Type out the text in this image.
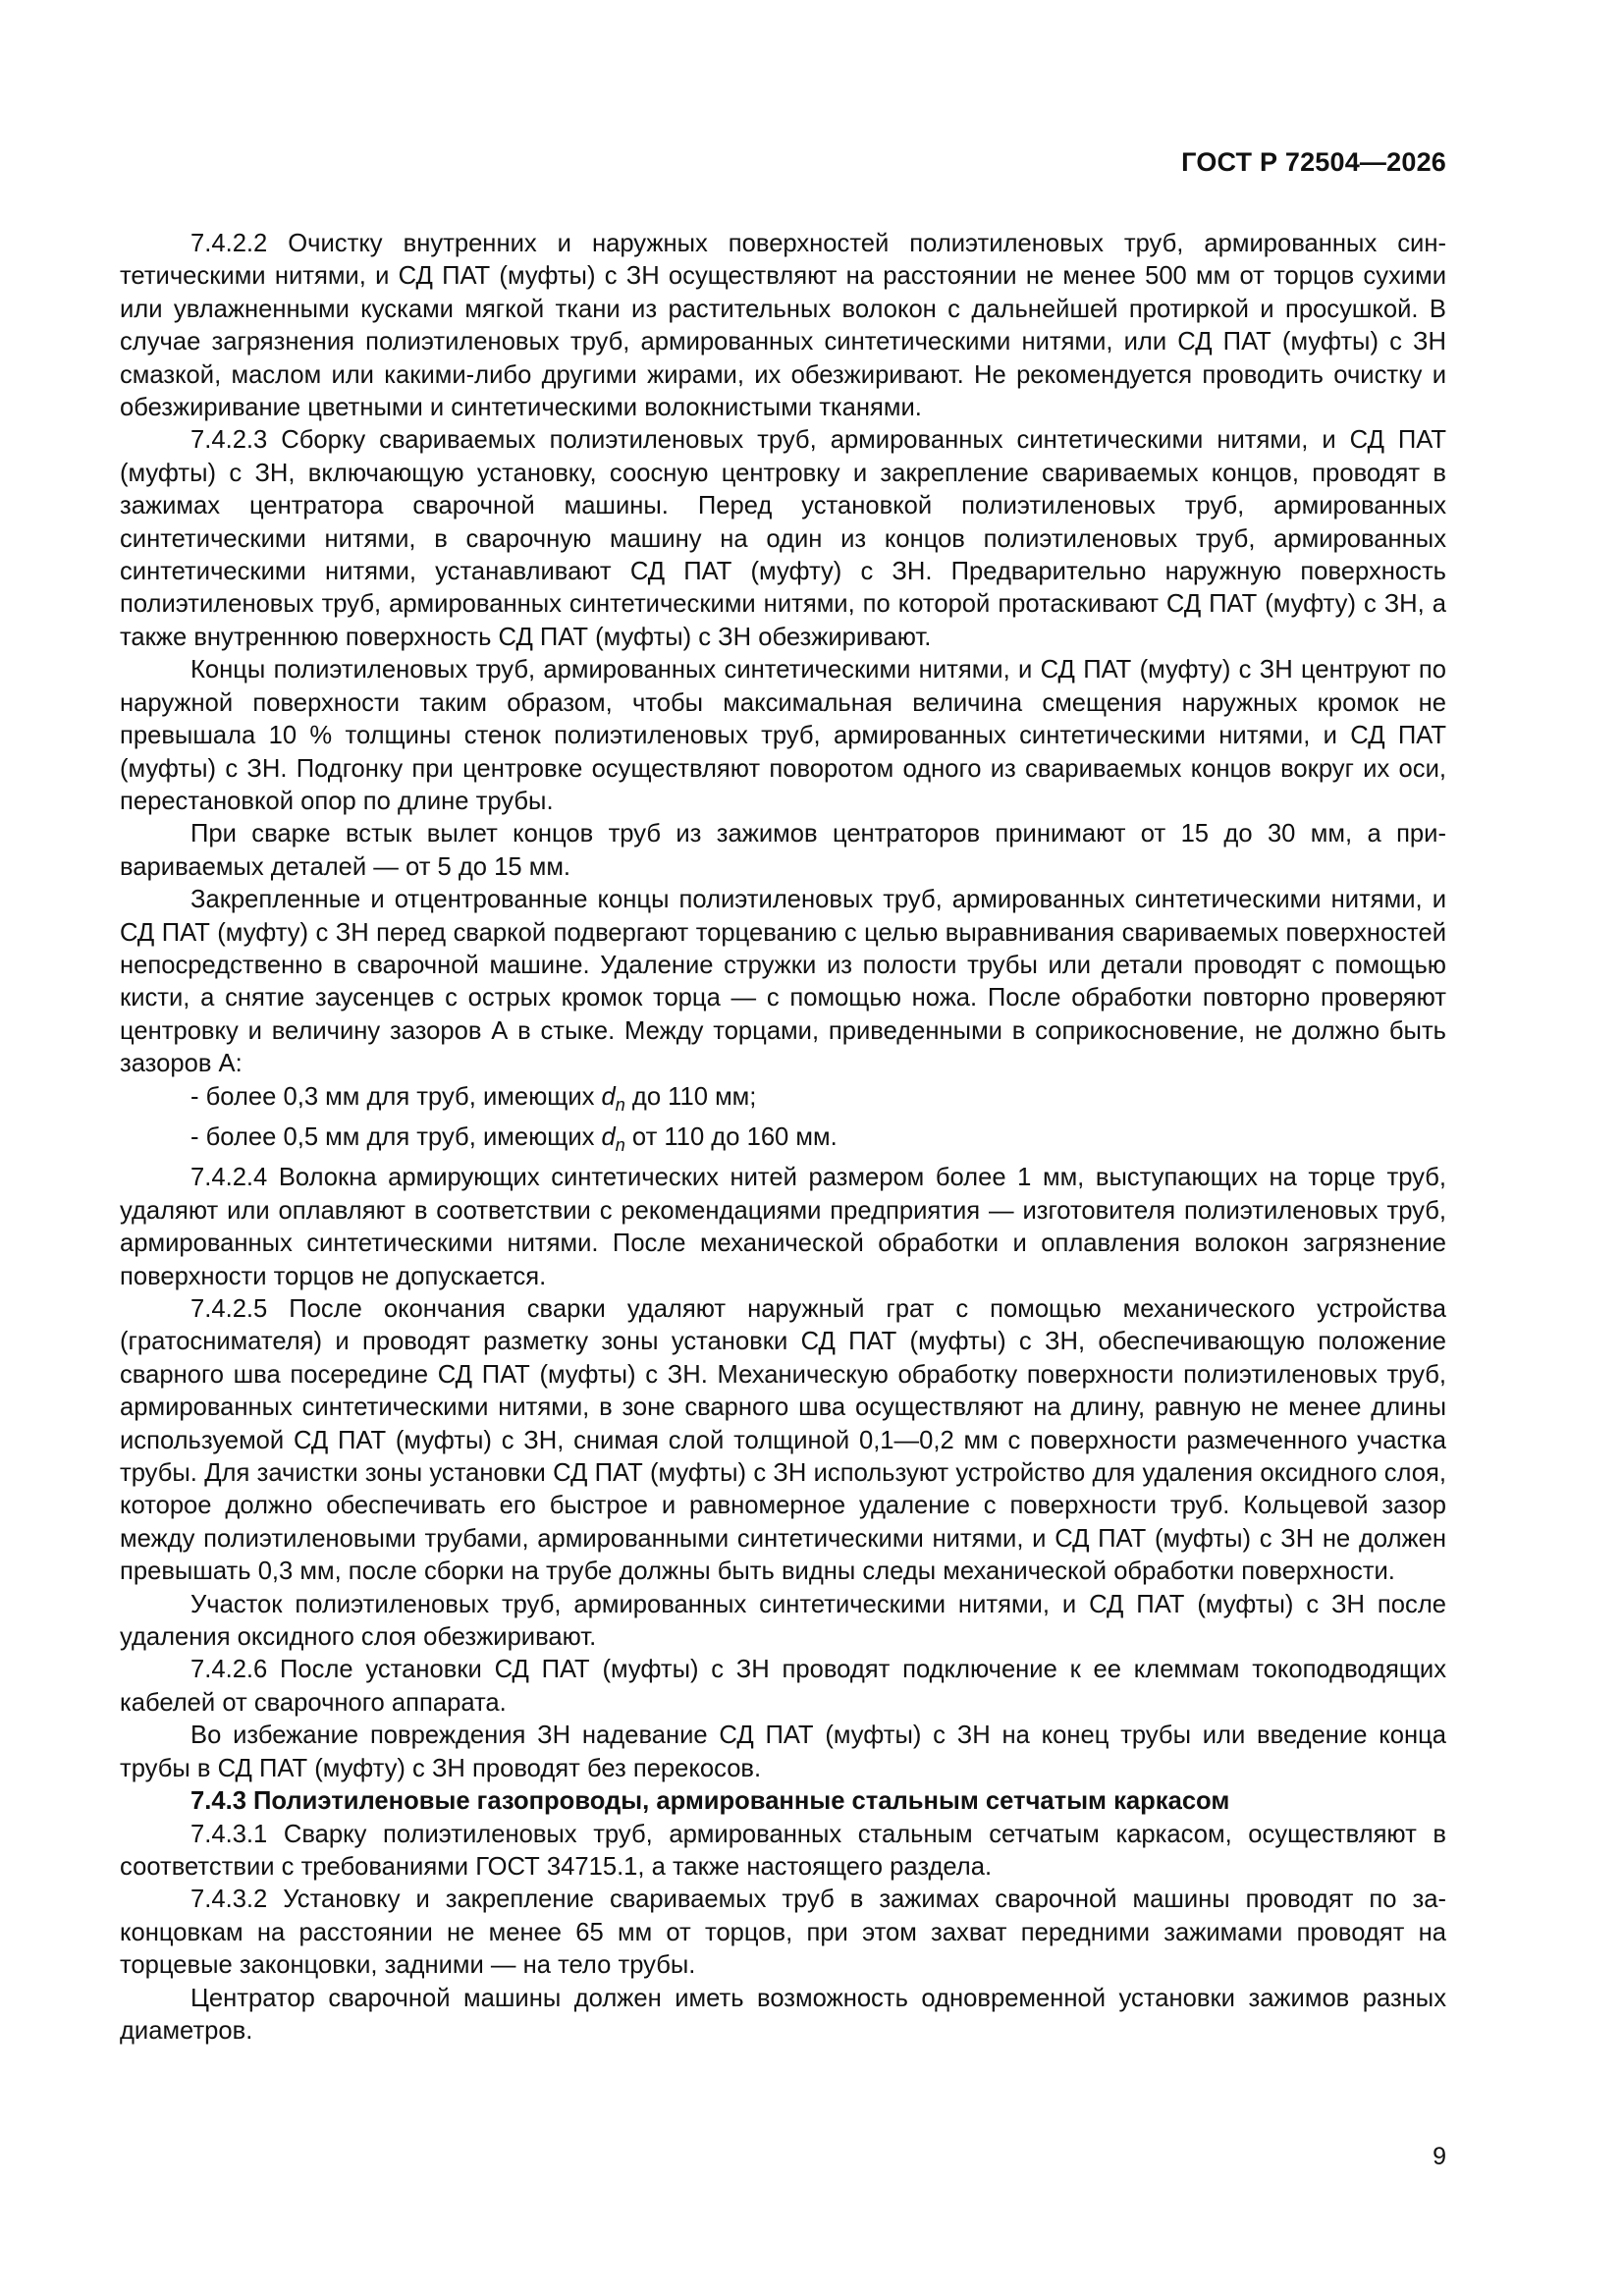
ГОСТ Р 72504—2026

7.4.2.2 Очистку внутренних и наружных поверхностей полиэтиленовых труб, армированных синтетическими нитями, и СД ПАТ (муфты) с ЗН осуществляют на расстоянии не менее 500 мм от торцов сухими или увлажненными кусками мягкой ткани из растительных волокон с дальнейшей протиркой и просушкой. В случае загрязнения полиэтиленовых труб, армированных синтетическими нитями, или СД ПАТ (муфты) с ЗН смазкой, маслом или какими-либо другими жирами, их обезжиривают. Не рекомендуется проводить очистку и обезжиривание цветными и синтетическими волокнистыми тканями.

7.4.2.3 Сборку свариваемых полиэтиленовых труб, армированных синтетическими нитями, и СД ПАТ (муфты) с ЗН, включающую установку, соосную центровку и закрепление свариваемых концов, проводят в зажимах центратора сварочной машины. Перед установкой полиэтиленовых труб, армированных синтетическими нитями, в сварочную машину на один из концов полиэтиленовых труб, армированных синтетическими нитями, устанавливают СД ПАТ (муфту) с ЗН. Предварительно наружную поверхность полиэтиленовых труб, армированных синтетическими нитями, по которой протаскивают СД ПАТ (муфту) с ЗН, а также внутреннюю поверхность СД ПАТ (муфты) с ЗН обезжиривают.

Концы полиэтиленовых труб, армированных синтетическими нитями, и СД ПАТ (муфту) с ЗН центруют по наружной поверхности таким образом, чтобы максимальная величина смещения наружных кромок не превышала 10 % толщины стенок полиэтиленовых труб, армированных синтетическими нитями, и СД ПАТ (муфты) с ЗН. Подгонку при центровке осуществляют поворотом одного из свариваемых концов вокруг их оси, перестановкой опор по длине трубы.

При сварке встык вылет концов труб из зажимов центраторов принимают от 15 до 30 мм, а привариваемых деталей — от 5 до 15 мм.

Закрепленные и отцентрованные концы полиэтиленовых труб, армированных синтетическими нитями, и СД ПАТ (муфту) с ЗН перед сваркой подвергают торцеванию с целью выравнивания свариваемых поверхностей непосредственно в сварочной машине. Удаление стружки из полости трубы или детали проводят с помощью кисти, а снятие заусенцев с острых кромок торца — с помощью ножа. После обработки повторно проверяют центровку и величину зазоров А в стыке. Между торцами, приведенными в соприкосновение, не должно быть зазоров А:

- более 0,3 мм для труб, имеющих $d_n$ до 110 мм;

- более 0,5 мм для труб, имеющих $d_n$ от 110 до 160 мм.

7.4.2.4 Волокна армирующих синтетических нитей размером более 1 мм, выступающих на торце труб, удаляют или оплавляют в соответствии с рекомендациями предприятия — изготовителя полиэтиленовых труб, армированных синтетическими нитями. После механической обработки и оплавления волокон загрязнение поверхности торцов не допускается.

7.4.2.5 После окончания сварки удаляют наружный грат с помощью механического устройства (гратоснимателя) и проводят разметку зоны установки СД ПАТ (муфты) с ЗН, обеспечивающую положение сварного шва посередине СД ПАТ (муфты) с ЗН. Механическую обработку поверхности полиэтиленовых труб, армированных синтетическими нитями, в зоне сварного шва осуществляют на длину, равную не менее длины используемой СД ПАТ (муфты) с ЗН, снимая слой толщиной 0,1—0,2 мм с поверхности размеченного участка трубы. Для зачистки зоны установки СД ПАТ (муфты) с ЗН используют устройство для удаления оксидного слоя, которое должно обеспечивать его быстрое и равномерное удаление с поверхности труб. Кольцевой зазор между полиэтиленовыми трубами, армированными синтетическими нитями, и СД ПАТ (муфты) с ЗН не должен превышать 0,3 мм, после сборки на трубе должны быть видны следы механической обработки поверхности.

Участок полиэтиленовых труб, армированных синтетическими нитями, и СД ПАТ (муфты) с ЗН после удаления оксидного слоя обезжиривают.

7.4.2.6 После установки СД ПАТ (муфты) с ЗН проводят подключение к ее клеммам токоподводящих кабелей от сварочного аппарата.

Во избежание повреждения ЗН надевание СД ПАТ (муфты) с ЗН на конец трубы или введение конца трубы в СД ПАТ (муфту) с ЗН проводят без перекосов.

7.4.3 Полиэтиленовые газопроводы, армированные стальным сетчатым каркасом

7.4.3.1 Сварку полиэтиленовых труб, армированных стальным сетчатым каркасом, осуществляют в соответствии с требованиями ГОСТ 34715.1, а также настоящего раздела.

7.4.3.2 Установку и закрепление свариваемых труб в зажимах сварочной машины проводят по законцовкам на расстоянии не менее 65 мм от торцов, при этом захват передними зажимами проводят на торцевые законцовки, задними — на тело трубы.

Центратор сварочной машины должен иметь возможность одновременной установки зажимов разных диаметров.

9
